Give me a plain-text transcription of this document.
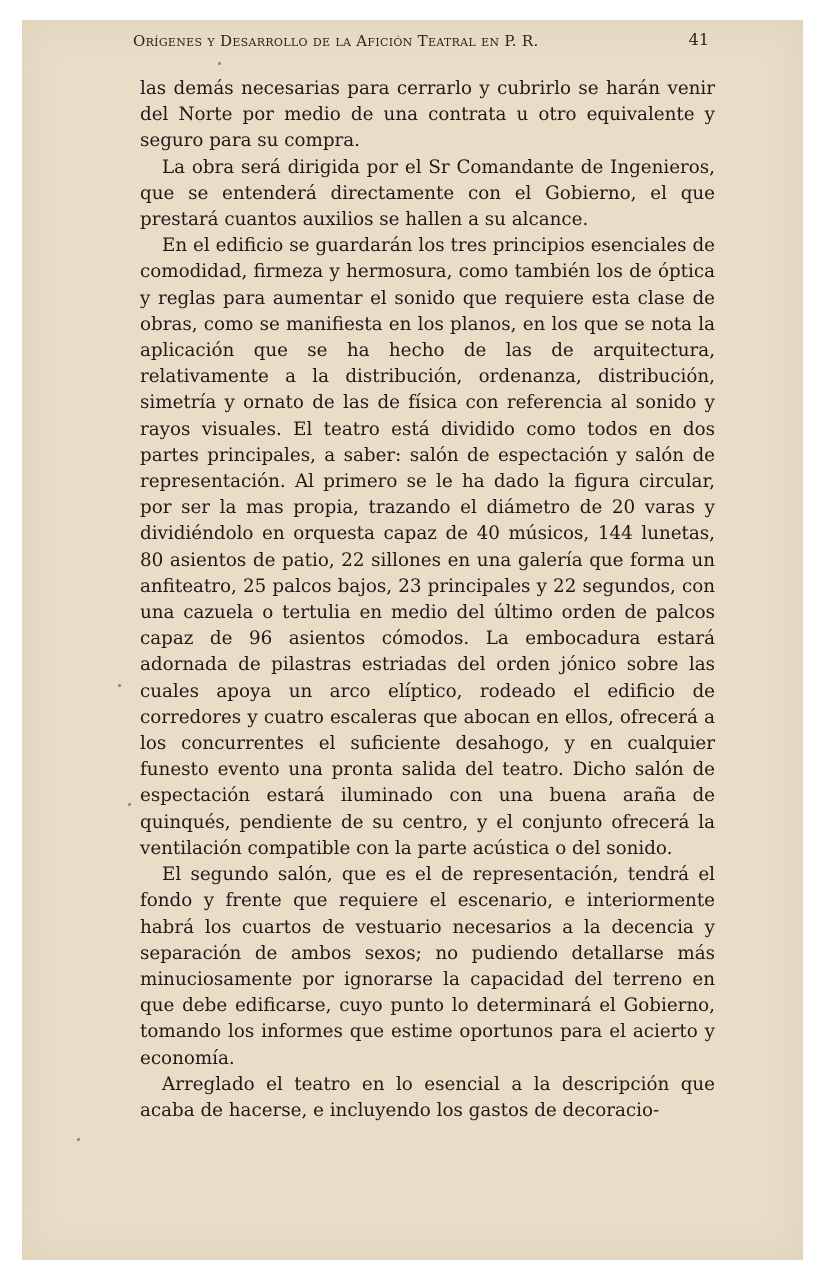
Orígenes y Desarrollo de la Afición Teatral en P. R.	41

las demás necesarias para cerrarlo y cubrirlo se harán venir del Norte por medio de una contrata u otro equivalente y seguro para su compra.

La obra será dirigida por el Sr Comandante de Ingenieros, que se entenderá directamente con el Gobierno, el que prestará cuantos auxilios se hallen a su alcance.

En el edificio se guardarán los tres principios esenciales de comodidad, firmeza y hermosura, como también los de óptica y reglas para aumentar el sonido que requiere esta clase de obras, como se manifiesta en los planos, en los que se nota la aplicación que se ha hecho de las de arquitectura, relativamente a la distribución, ordenanza, distribución, simetría y ornato de las de física con referencia al sonido y rayos visuales. El teatro está dividido como todos en dos partes principales, a saber: salón de espectación y salón de representación. Al primero se le ha dado la figura circular, por ser la mas propia, trazando el diámetro de 20 varas y dividiéndolo en orquesta capaz de 40 músicos, 144 lunetas, 80 asientos de patio, 22 sillones en una galería que forma un anfiteatro, 25 palcos bajos, 23 principales y 22 segundos, con una cazuela o tertulia en medio del último orden de palcos capaz de 96 asientos cómodos. La embocadura estará adornada de pilastras estriadas del orden jónico sobre las cuales apoya un arco elíptico, rodeado el edificio de corredores y cuatro escaleras que abocan en ellos, ofrecerá a los concurrentes el suficiente desahogo, y en cualquier funesto evento una pronta salida del teatro. Dicho salón de espectación estará iluminado con una buena araña de quinqués, pendiente de su centro, y el conjunto ofrecerá la ventilación compatible con la parte acústica o del sonido.

El segundo salón, que es el de representación, tendrá el fondo y frente que requiere el escenario, e interiormente habrá los cuartos de vestuario necesarios a la decencia y separación de ambos sexos; no pudiendo detallarse más minuciosamente por ignorarse la capacidad del terreno en que debe edificarse, cuyo punto lo determinará el Gobierno, tomando los informes que estime oportunos para el acierto y economía.

Arreglado el teatro en lo esencial a la descripción que acaba de hacerse, e incluyendo los gastos de decoracio-
